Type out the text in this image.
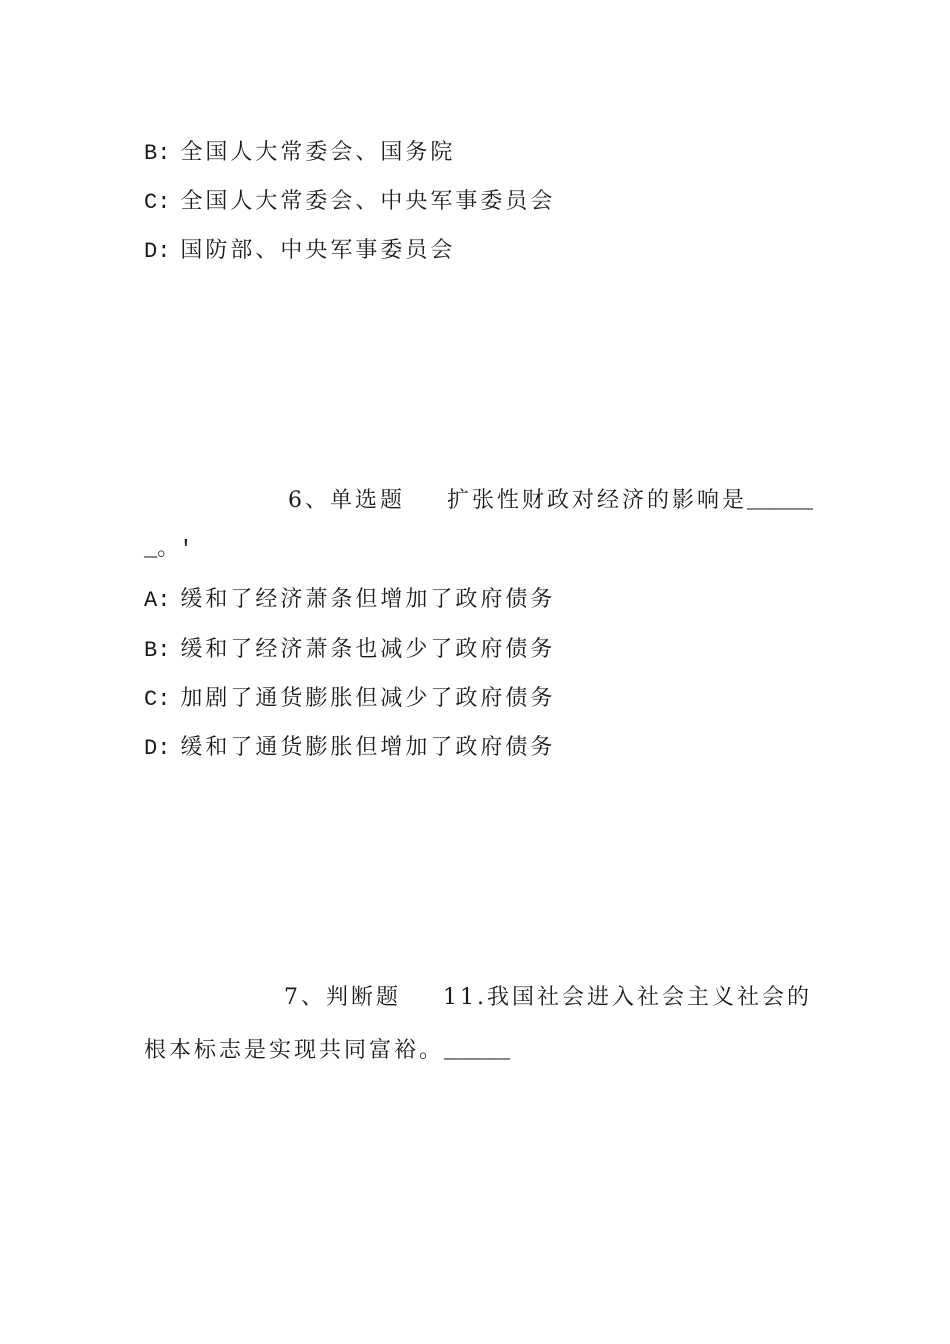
B: 全国人大常委会、国务院
C: 全国人大常委会、中央军事委员会
D: 国防部、中央军事委员会
6、单选题 扩张性财政对经济的影响是_____
_。'
A: 缓和了经济萧条但增加了政府债务
B: 缓和了经济萧条也减少了政府债务
C: 加剧了通货膨胀但减少了政府债务
D: 缓和了通货膨胀但增加了政府债务
7、判断题 11.我国社会进入社会主义社会的
根本标志是实现共同富裕。_____
